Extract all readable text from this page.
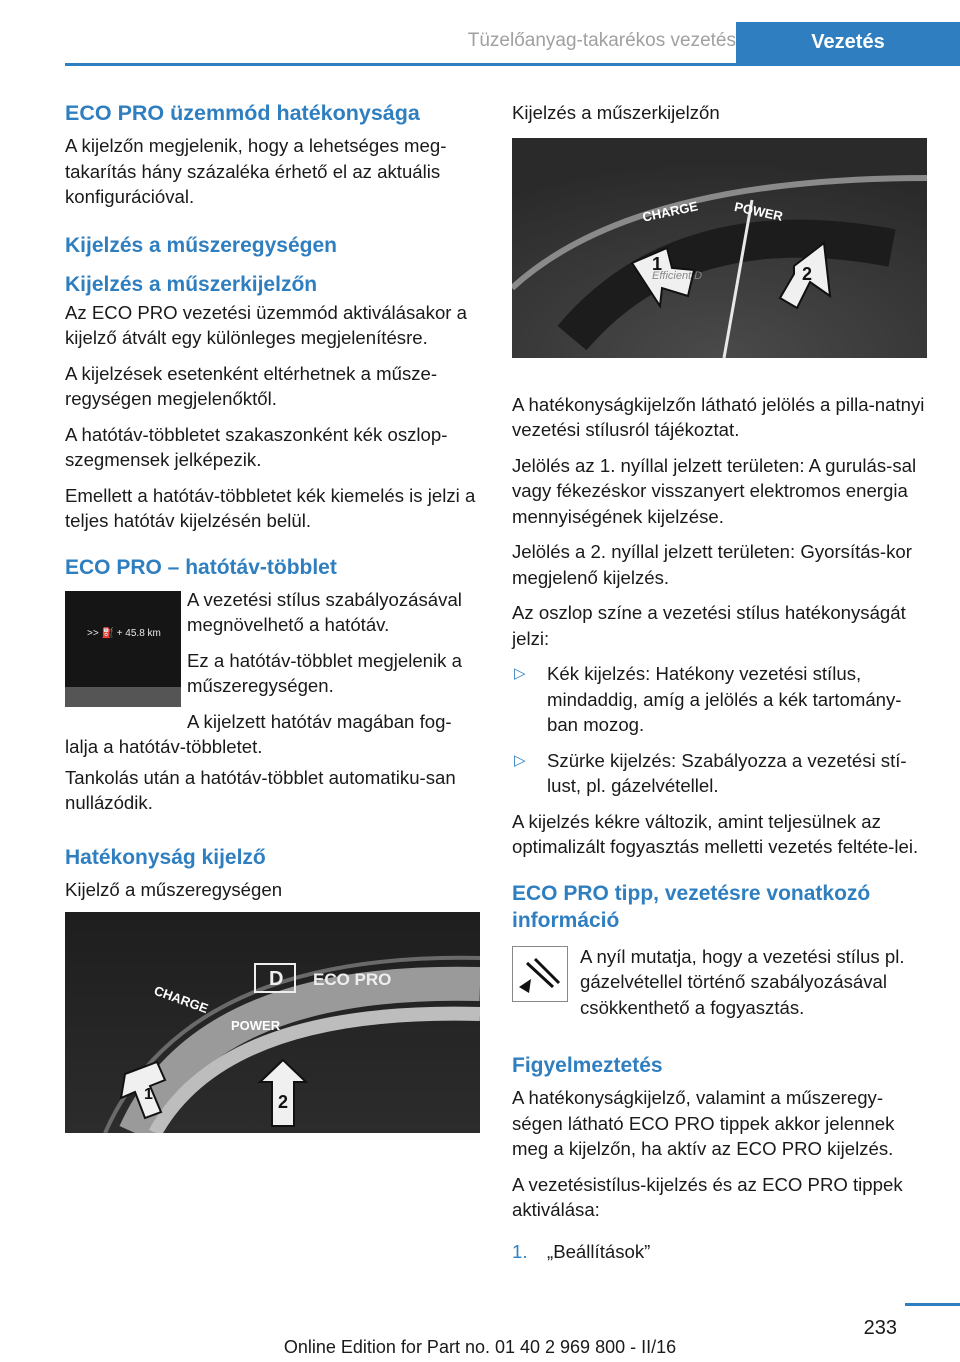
Tüzelőanyag-takarékos vezetés	Vezetés
ECO PRO üzemmód hatékonysága

A kijelzőn megjelenik, hogy a lehetséges meg-takarítás hány százaléka érhető el az aktuális konfigurációval.

Kijelzés a műszeregységen
Kijelzés a műszerkijelzőn

Az ECO PRO vezetési üzemmód aktiválásakor a kijelző átvált egy különleges megjelenítésre.

A kijelzések esetenként eltérhetnek a műsze-regységen megjelenőktől.

A hatótáv-többletet szakaszonként kék oszlop-szegmensek jelképezik.

Emellett a hatótáv-többletet kék kiemelés is jelzi a teljes hatótáv kijelzésén belül.

ECO PRO – hatótáv-többlet
>> ⛽ + 45.8 km

A vezetési stílus szabályozásával megnövelhető a hatótáv.

Ez a hatótáv-többlet megjelenik a műszeregységen.

A kijelzett hatótáv magában fog-lalja a hatótáv-többletet.

Tankolás után a hatótáv-többlet automatiku-san nullázódik.

Hatékonyság kijelző

Kijelző a műszeregységen

D ECO PRO
CHARGE
POWER
1	2

Kijelzés a műszerkijelzőn

CHARGE	POWER
Efficient D
1	2

A hatékonyságkijelzőn látható jelölés a pilla-natnyi vezetési stílusról tájékoztat.

Jelölés az 1. nyíllal jelzett területen: A gurulás-sal vagy fékezéskor visszanyert elektromos energia mennyiségének kijelzése.

Jelölés a 2. nyíllal jelzett területen: Gyorsítás-kor megjelenő kijelzés.

Az oszlop színe a vezetési stílus hatékonyságát jelzi:

▷ Kék kijelzés: Hatékony vezetési stílus, mindaddig, amíg a jelölés a kék tartomány-ban mozog.
▷ Szürke kijelzés: Szabályozza a vezetési stí-lust, pl. gázelvétellel.

A kijelzés kékre változik, amint teljesülnek az optimalizált fogyasztás melletti vezetés feltéte-lei.

ECO PRO tipp, vezetésre vonatkozó információ

A nyíl mutatja, hogy a vezetési stílus pl. gázelvétellel történő szabályozásával csökkenthető a fogyasztás.

Figyelmeztetés

A hatékonyságkijelző, valamint a műszeregy-ségen látható ECO PRO tippek akkor jelennek meg a kijelzőn, ha aktív az ECO PRO kijelzés.

A vezetésistílus-kijelzés és az ECO PRO tippek aktiválása:

1. „Beállítások”
233
Online Edition for Part no. 01 40 2 969 800 - II/16
